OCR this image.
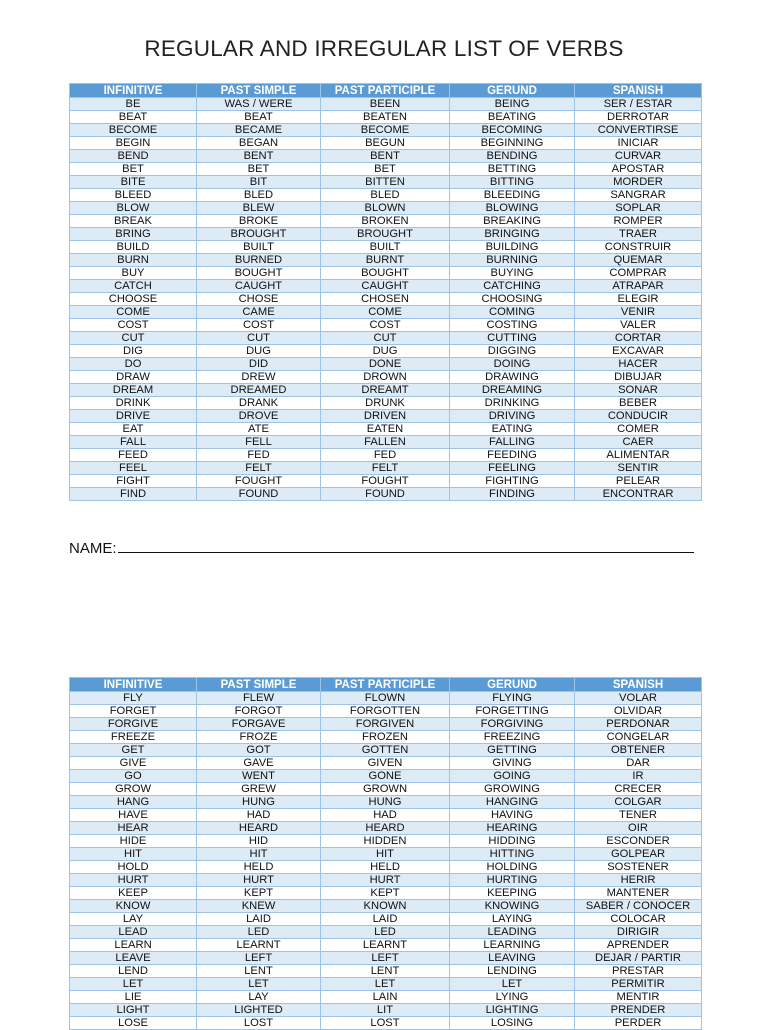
REGULAR AND IRREGULAR LIST OF VERBS
INFINITIVE	PAST SIMPLE	PAST PARTICIPLE	GERUND	SPANISH
BE	WAS / WERE	BEEN	BEING	SER / ESTAR
BEAT	BEAT	BEATEN	BEATING	DERROTAR
BECOME	BECAME	BECOME	BECOMING	CONVERTIRSE
BEGIN	BEGAN	BEGUN	BEGINNING	INICIAR
BEND	BENT	BENT	BENDING	CURVAR
BET	BET	BET	BETTING	APOSTAR
BITE	BIT	BITTEN	BITTING	MORDER
BLEED	BLED	BLED	BLEEDING	SANGRAR
BLOW	BLEW	BLOWN	BLOWING	SOPLAR
BREAK	BROKE	BROKEN	BREAKING	ROMPER
BRING	BROUGHT	BROUGHT	BRINGING	TRAER
BUILD	BUILT	BUILT	BUILDING	CONSTRUIR
BURN	BURNED	BURNT	BURNING	QUEMAR
BUY	BOUGHT	BOUGHT	BUYING	COMPRAR
CATCH	CAUGHT	CAUGHT	CATCHING	ATRAPAR
CHOOSE	CHOSE	CHOSEN	CHOOSING	ELEGIR
COME	CAME	COME	COMING	VENIR
COST	COST	COST	COSTING	VALER
CUT	CUT	CUT	CUTTING	CORTAR
DIG	DUG	DUG	DIGGING	EXCAVAR
DO	DID	DONE	DOING	HACER
DRAW	DREW	DROWN	DRAWING	DIBUJAR
DREAM	DREAMED	DREAMT	DREAMING	SONAR
DRINK	DRANK	DRUNK	DRINKING	BEBER
DRIVE	DROVE	DRIVEN	DRIVING	CONDUCIR
EAT	ATE	EATEN	EATING	COMER
FALL	FELL	FALLEN	FALLING	CAER
FEED	FED	FED	FEEDING	ALIMENTAR
FEEL	FELT	FELT	FEELING	SENTIR
FIGHT	FOUGHT	FOUGHT	FIGHTING	PELEAR
FIND	FOUND	FOUND	FINDING	ENCONTRAR
NAME:
INFINITIVE	PAST SIMPLE	PAST PARTICIPLE	GERUND	SPANISH
FLY	FLEW	FLOWN	FLYING	VOLAR
FORGET	FORGOT	FORGOTTEN	FORGETTING	OLVIDAR
FORGIVE	FORGAVE	FORGIVEN	FORGIVING	PERDONAR
FREEZE	FROZE	FROZEN	FREEZING	CONGELAR
GET	GOT	GOTTEN	GETTING	OBTENER
GIVE	GAVE	GIVEN	GIVING	DAR
GO	WENT	GONE	GOING	IR
GROW	GREW	GROWN	GROWING	CRECER
HANG	HUNG	HUNG	HANGING	COLGAR
HAVE	HAD	HAD	HAVING	TENER
HEAR	HEARD	HEARD	HEARING	OIR
HIDE	HID	HIDDEN	HIDDING	ESCONDER
HIT	HIT	HIT	HITTING	GOLPEAR
HOLD	HELD	HELD	HOLDING	SOSTENER
HURT	HURT	HURT	HURTING	HERIR
KEEP	KEPT	KEPT	KEEPING	MANTENER
KNOW	KNEW	KNOWN	KNOWING	SABER / CONOCER
LAY	LAID	LAID	LAYING	COLOCAR
LEAD	LED	LED	LEADING	DIRIGIR
LEARN	LEARNT	LEARNT	LEARNING	APRENDER
LEAVE	LEFT	LEFT	LEAVING	DEJAR / PARTIR
LEND	LENT	LENT	LENDING	PRESTAR
LET	LET	LET	LET	PERMITIR
LIE	LAY	LAIN	LYING	MENTIR
LIGHT	LIGHTED	LIT	LIGHTING	PRENDER
LOSE	LOST	LOST	LOSING	PERDER
